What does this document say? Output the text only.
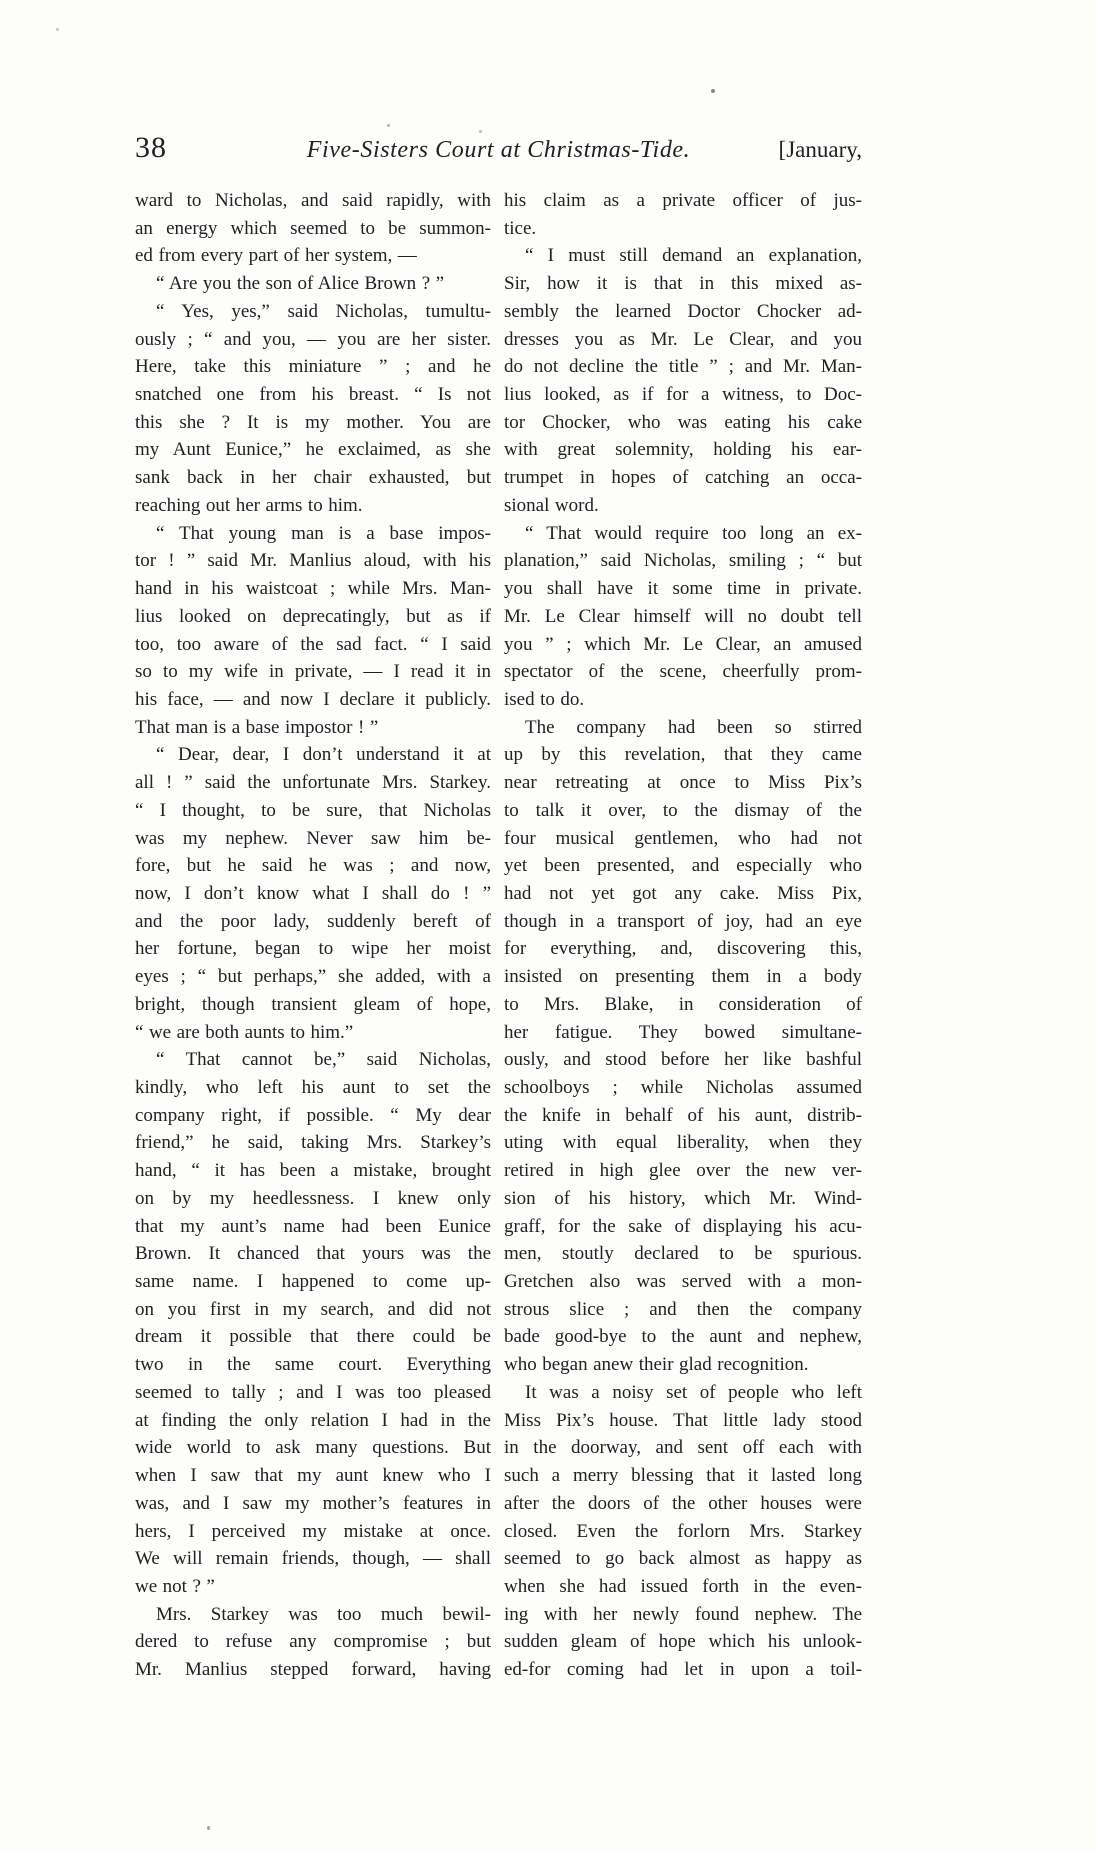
38	Five-Sisters Court at Christmas-Tide.	[January,
ward to Nicholas, and said rapidly, with
an energy which seemed to be summon-
ed from every part of her system, —
“ Are you the son of Alice Brown ? ”
“ Yes, yes,” said Nicholas, tumultu-
ously ; “ and you, — you are her sister.
Here, take this miniature ” ; and he
snatched one from his breast. “ Is not
this she ? It is my mother. You are
my Aunt Eunice,” he exclaimed, as she
sank back in her chair exhausted, but
reaching out her arms to him.
“ That young man is a base impos-
tor ! ” said Mr. Manlius aloud, with his
hand in his waistcoat ; while Mrs. Man-
lius looked on deprecatingly, but as if
too, too aware of the sad fact. “ I said
so to my wife in private, — I read it in
his face, — and now I declare it publicly.
That man is a base impostor ! ”
“ Dear, dear, I don’t understand it at
all ! ” said the unfortunate Mrs. Starkey.
“ I thought, to be sure, that Nicholas
was my nephew. Never saw him be-
fore, but he said he was ; and now,
now, I don’t know what I shall do ! ”
and the poor lady, suddenly bereft of
her fortune, began to wipe her moist
eyes ; “ but perhaps,” she added, with a
bright, though transient gleam of hope,
“ we are both aunts to him.”
“ That cannot be,” said Nicholas,
kindly, who left his aunt to set the
company right, if possible. “ My dear
friend,” he said, taking Mrs. Starkey’s
hand, “ it has been a mistake, brought
on by my heedlessness. I knew only
that my aunt’s name had been Eunice
Brown. It chanced that yours was the
same name. I happened to come up-
on you first in my search, and did not
dream it possible that there could be
two in the same court. Everything
seemed to tally ; and I was too pleased
at finding the only relation I had in the
wide world to ask many questions. But
when I saw that my aunt knew who I
was, and I saw my mother’s features in
hers, I perceived my mistake at once.
We will remain friends, though, — shall
we not ? ”
Mrs. Starkey was too much bewil-
dered to refuse any compromise ; but
Mr. Manlius stepped forward, having
his claim as a private officer of jus-
tice.
“ I must still demand an explanation,
Sir, how it is that in this mixed as-
sembly the learned Doctor Chocker ad-
dresses you as Mr. Le Clear, and you
do not decline the title ” ; and Mr. Man-
lius looked, as if for a witness, to Doc-
tor Chocker, who was eating his cake
with great solemnity, holding his ear-
trumpet in hopes of catching an occa-
sional word.
“ That would require too long an ex-
planation,” said Nicholas, smiling ; “ but
you shall have it some time in private.
Mr. Le Clear himself will no doubt tell
you ” ; which Mr. Le Clear, an amused
spectator of the scene, cheerfully prom-
ised to do.
The company had been so stirred
up by this revelation, that they came
near retreating at once to Miss Pix’s
to talk it over, to the dismay of the
four musical gentlemen, who had not
yet been presented, and especially who
had not yet got any cake. Miss Pix,
though in a transport of joy, had an eye
for everything, and, discovering this,
insisted on presenting them in a body
to Mrs. Blake, in consideration of
her fatigue. They bowed simultane-
ously, and stood before her like bashful
schoolboys ; while Nicholas assumed
the knife in behalf of his aunt, distrib-
uting with equal liberality, when they
retired in high glee over the new ver-
sion of his history, which Mr. Wind-
graff, for the sake of displaying his acu-
men, stoutly declared to be spurious.
Gretchen also was served with a mon-
strous slice ; and then the company
bade good-bye to the aunt and nephew,
who began anew their glad recognition.
It was a noisy set of people who left
Miss Pix’s house. That little lady stood
in the doorway, and sent off each with
such a merry blessing that it lasted long
after the doors of the other houses were
closed. Even the forlorn Mrs. Starkey
seemed to go back almost as happy as
when she had issued forth in the even-
ing with her newly found nephew. The
sudden gleam of hope which his unlook-
ed-for coming had let in upon a toil-
